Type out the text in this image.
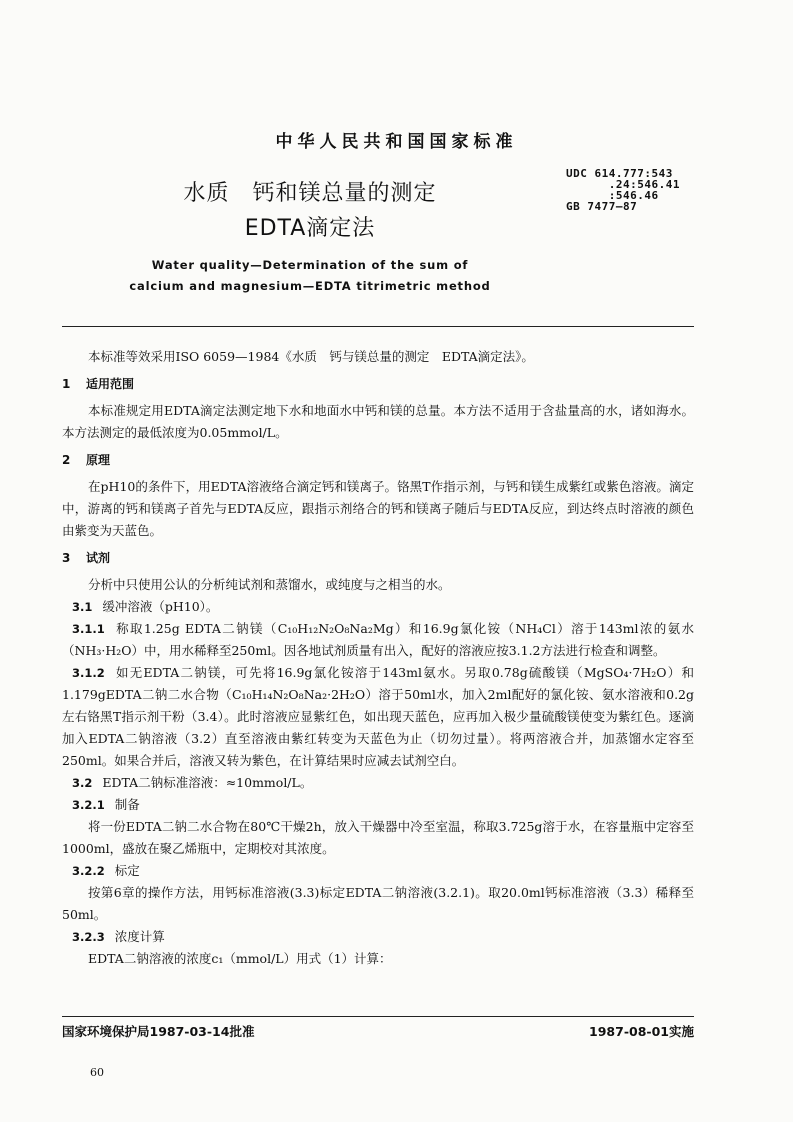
中华人民共和国国家标准
水质　钙和镁总量的测定
EDTA滴定法
Water quality—Determination of the sum of
calcium and magnesium—EDTA titrimetric method
UDC 614.777:543
.24:546.41
:546.46
GB 7477—87

本标准等效采用ISO 6059—1984《水质　钙与镁总量的测定　EDTA滴定法》。

1 适用范围

本标准规定用EDTA滴定法测定地下水和地面水中钙和镁的总量。本方法不适用于含盐量高的水，诸如海水。本方法测定的最低浓度为0.05mmol/L。

2 原理

在pH10的条件下，用EDTA溶液络合滴定钙和镁离子。铬黑T作指示剂，与钙和镁生成紫红或紫色溶液。滴定中，游离的钙和镁离子首先与EDTA反应，跟指示剂络合的钙和镁离子随后与EDTA反应，到达终点时溶液的颜色由紫变为天蓝色。

3 试剂

分析中只使用公认的分析纯试剂和蒸馏水，或纯度与之相当的水。

3.1 缓冲溶液（pH10）。

3.1.1 称取1.25g EDTA二钠镁（C₁₀H₁₂N₂O₈Na₂Mg）和16.9g氯化铵（NH₄Cl）溶于143ml浓的氨水（NH₃·H₂O）中，用水稀释至250ml。因各地试剂质量有出入，配好的溶液应按3.1.2方法进行检查和调整。

3.1.2 如无EDTA二钠镁，可先将16.9g氯化铵溶于143ml氨水。另取0.78g硫酸镁（MgSO₄·7H₂O）和1.179gEDTA二钠二水合物（C₁₀H₁₄N₂O₈Na₂·2H₂O）溶于50ml水，加入2ml配好的氯化铵、氨水溶液和0.2g左右铬黑T指示剂干粉（3.4）。此时溶液应显紫红色，如出现天蓝色，应再加入极少量硫酸镁使变为紫红色。逐滴加入EDTA二钠溶液（3.2）直至溶液由紫红转变为天蓝色为止（切勿过量）。将两溶液合并，加蒸馏水定容至250ml。如果合并后，溶液又转为紫色，在计算结果时应减去试剂空白。

3.2 EDTA二钠标准溶液：≈10mmol/L。

3.2.1 制备

将一份EDTA二钠二水合物在80℃干燥2h，放入干燥器中冷至室温，称取3.725g溶于水，在容量瓶中定容至1000ml，盛放在聚乙烯瓶中，定期校对其浓度。

3.2.2 标定

按第6章的操作方法，用钙标准溶液(3.3)标定EDTA二钠溶液(3.2.1)。取20.0ml钙标准溶液（3.3）稀释至50ml。

3.2.3 浓度计算

EDTA二钠溶液的浓度c₁（mmol/L）用式（1）计算：

国家环境保护局1987-03-14批准	1987-08-01实施
60
